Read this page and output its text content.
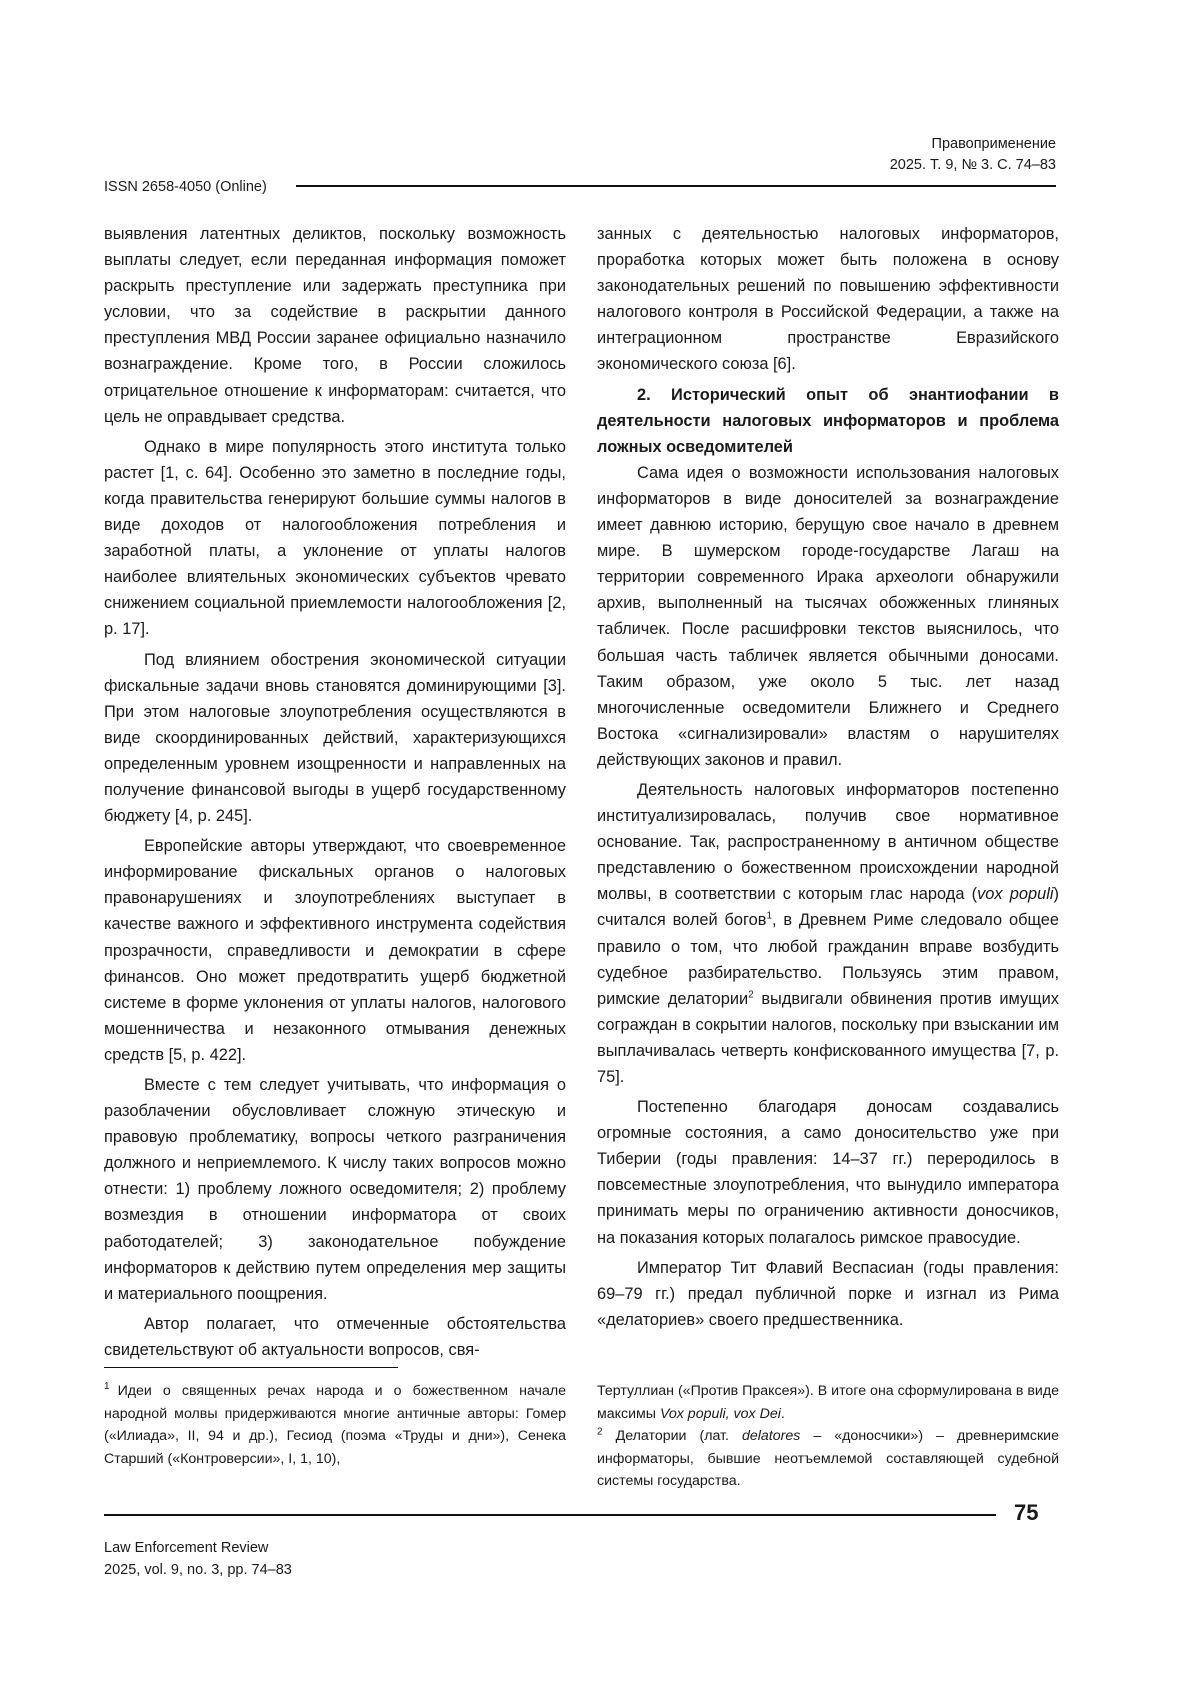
Правоприменение
2025. Т. 9, № 3. С. 74–83
ISSN 2658-4050 (Online)

выявления латентных деликтов, поскольку возможность выплаты следует, если переданная информация поможет раскрыть преступление или задержать преступника при условии, что за содействие в раскрытии данного преступления МВД России заранее официально назначило вознаграждение. Кроме того, в России сложилось отрицательное отношение к информаторам: считается, что цель не оправдывает средства.

Однако в мире популярность этого института только растет [1, с. 64]. Особенно это заметно в последние годы, когда правительства генерируют большие суммы налогов в виде доходов от налогообложения потребления и заработной платы, а уклонение от уплаты налогов наиболее влиятельных экономических субъектов чревато снижением социальной приемлемости налогообложения [2, p. 17].

Под влиянием обострения экономической ситуации фискальные задачи вновь становятся доминирующими [3]. При этом налоговые злоупотребления осуществляются в виде скоординированных действий, характеризующихся определенным уровнем изощренности и направленных на получение финансовой выгоды в ущерб государственному бюджету [4, p. 245].

Европейские авторы утверждают, что своевременное информирование фискальных органов о налоговых правонарушениях и злоупотреблениях выступает в качестве важного и эффективного инструмента содействия прозрачности, справедливости и демократии в сфере финансов. Оно может предотвратить ущерб бюджетной системе в форме уклонения от уплаты налогов, налогового мошенничества и незаконного отмывания денежных средств [5, p. 422].

Вместе с тем следует учитывать, что информация о разоблачении обусловливает сложную этическую и правовую проблематику, вопросы четкого разграничения должного и неприемлемого. К числу таких вопросов можно отнести: 1) проблему ложного осведомителя; 2) проблему возмездия в отношении информатора от своих работодателей; 3) законодательное побуждение информаторов к действию путем определения мер защиты и материального поощрения.

Автор полагает, что отмеченные обстоятельства свидетельствуют об актуальности вопросов, свя-

занных с деятельностью налоговых информаторов, проработка которых может быть положена в основу законодательных решений по повышению эффективности налогового контроля в Российской Федерации, а также на интеграционном пространстве Евразийского экономического союза [6].

2. Исторический опыт об энантиофании в деятельности налоговых информаторов и проблема ложных осведомителей

Сама идея о возможности использования налоговых информаторов в виде доносителей за вознаграждение имеет давнюю историю, берущую свое начало в древнем мире. В шумерском городе-государстве Лагаш на территории современного Ирака археологи обнаружили архив, выполненный на тысячах обожженных глиняных табличек. После расшифровки текстов выяснилось, что большая часть табличек является обычными доносами. Таким образом, уже около 5 тыс. лет назад многочисленные осведомители Ближнего и Среднего Востока «сигнализировали» властям о нарушителях действующих законов и правил.

Деятельность налоговых информаторов постепенно институализировалась, получив свое нормативное основание. Так, распространенному в античном обществе представлению о божественном происхождении народной молвы, в соответствии с которым глас народа (vox populi) считался волей богов$^1$, в Древнем Риме следовало общее правило о том, что любой гражданин вправе возбудить судебное разбирательство. Пользуясь этим правом, римские делатории$^2$ выдвигали обвинения против имущих сограждан в сокрытии налогов, поскольку при взыскании им выплачивалась четверть конфискованного имущества [7, p. 75].

Постепенно благодаря доносам создавались огромные состояния, а само доносительство уже при Тиберии (годы правления: 14–37 гг.) переродилось в повсеместные злоупотребления, что вынудило императора принимать меры по ограничению активности доносчиков, на показания которых полагалось римское правосудие.

Император Тит Флавий Веспасиан (годы правления: 69–79 гг.) предал публичной порке и изгнал из Рима «делаториев» своего предшественника.

$^1$ Идеи о священных речах народа и о божественном начале народной молвы придерживаются многие античные авторы: Гомер («Илиада», II, 94 и др.), Гесиод (поэма «Труды и дни»), Сенека Старший («Контроверсии», I, 1, 10),

Тертуллиан («Против Праксея»). В итоге она сформулирована в виде максимы Vox populi, vox Dei.

$^2$ Делатории (лат. delatores – «доносчики») – древнеримские информаторы, бывшие неотъемлемой составляющей судебной системы государства.

75
Law Enforcement Review
2025, vol. 9, no. 3, pp. 74–83
